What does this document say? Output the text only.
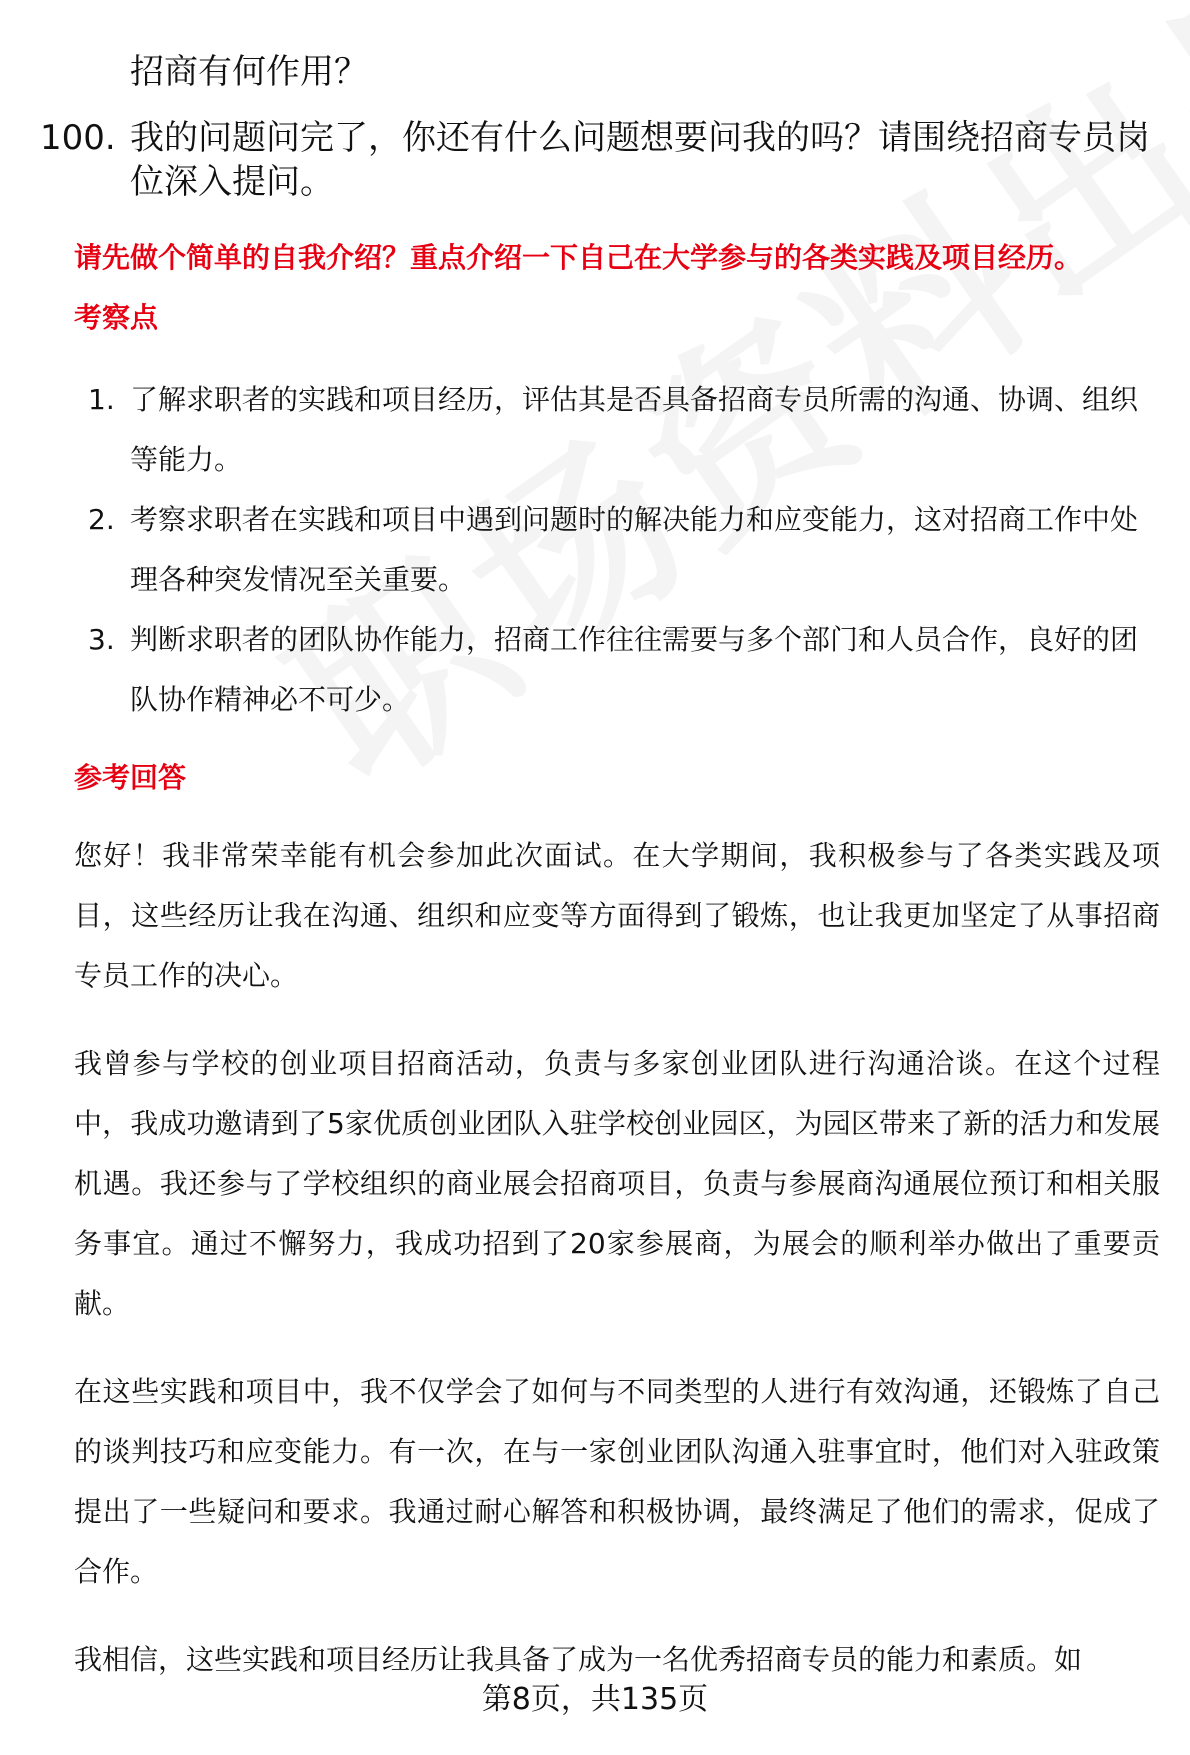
招商有何作用？
100. 我的问题问完了，你还有什么问题想要问我的吗？请围绕招商专员岗位深入提问。
请先做个简单的自我介绍？重点介绍一下自己在大学参与的各类实践及项目经历。
考察点
1. 了解求职者的实践和项目经历，评估其是否具备招商专员所需的沟通、协调、组织等能力。
2. 考察求职者在实践和项目中遇到问题时的解决能力和应变能力，这对招商工作中处理各种突发情况至关重要。
3. 判断求职者的团队协作能力，招商工作往往需要与多个部门和人员合作，良好的团队协作精神必不可少。
参考回答

您好！我非常荣幸能有机会参加此次面试。在大学期间，我积极参与了各类实践及项目，这些经历让我在沟通、组织和应变等方面得到了锻炼，也让我更加坚定了从事招商专员工作的决心。

我曾参与学校的创业项目招商活动，负责与多家创业团队进行沟通洽谈。在这个过程中，我成功邀请到了5家优质创业团队入驻学校创业园区，为园区带来了新的活力和发展机遇。我还参与了学校组织的商业展会招商项目，负责与参展商沟通展位预订和相关服务事宜。通过不懈努力，我成功招到了20家参展商，为展会的顺利举办做出了重要贡献。

在这些实践和项目中，我不仅学会了如何与不同类型的人进行有效沟通，还锻炼了自己的谈判技巧和应变能力。有一次，在与一家创业团队沟通入驻事宜时，他们对入驻政策提出了一些疑问和要求。我通过耐心解答和积极协调，最终满足了他们的需求，促成了合作。

我相信，这些实践和项目经历让我具备了成为一名优秀招商专员的能力和素质。如

第8页，共135页
